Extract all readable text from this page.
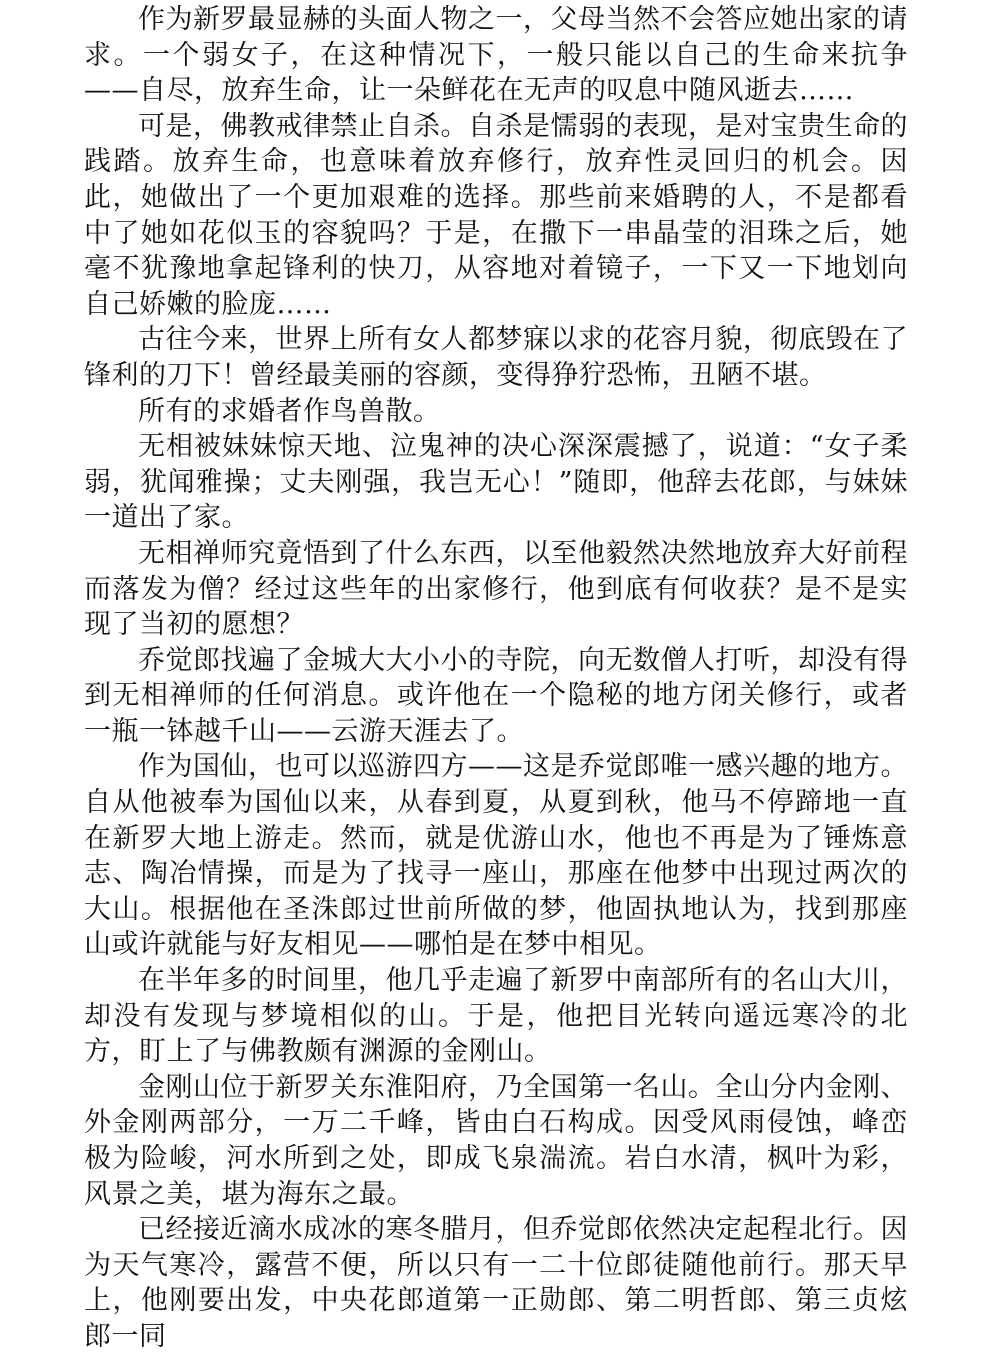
作为新罗最显赫的头面人物之一，父母当然不会答应她出家的请求。一个弱女子，在这种情况下，一般只能以自己的生命来抗争——自尽，放弃生命，让一朵鲜花在无声的叹息中随风逝去……

可是，佛教戒律禁止自杀。自杀是懦弱的表现，是对宝贵生命的践踏。放弃生命，也意味着放弃修行，放弃性灵回归的机会。因此，她做出了一个更加艰难的选择。那些前来婚聘的人，不是都看中了她如花似玉的容貌吗？于是，在撒下一串晶莹的泪珠之后，她毫不犹豫地拿起锋利的快刀，从容地对着镜子，一下又一下地划向自己娇嫩的脸庞……

古往今来，世界上所有女人都梦寐以求的花容月貌，彻底毁在了锋利的刀下！曾经最美丽的容颜，变得狰狞恐怖，丑陋不堪。

所有的求婚者作鸟兽散。

无相被妹妹惊天地、泣鬼神的决心深深震撼了，说道：“女子柔弱，犹闻雅操；丈夫刚强，我岂无心！”随即，他辞去花郎，与妹妹一道出了家。

无相禅师究竟悟到了什么东西，以至他毅然决然地放弃大好前程而落发为僧？经过这些年的出家修行，他到底有何收获？是不是实现了当初的愿想？

乔觉郎找遍了金城大大小小的寺院，向无数僧人打听，却没有得到无相禅师的任何消息。或许他在一个隐秘的地方闭关修行，或者一瓶一钵越千山——云游天涯去了。

作为国仙，也可以巡游四方——这是乔觉郎唯一感兴趣的地方。自从他被奉为国仙以来，从春到夏，从夏到秋，他马不停蹄地一直在新罗大地上游走。然而，就是优游山水，他也不再是为了锤炼意志、陶冶情操，而是为了找寻一座山，那座在他梦中出现过两次的大山。根据他在圣洙郎过世前所做的梦，他固执地认为，找到那座山或许就能与好友相见——哪怕是在梦中相见。

在半年多的时间里，他几乎走遍了新罗中南部所有的名山大川，却没有发现与梦境相似的山。于是，他把目光转向遥远寒冷的北方，盯上了与佛教颇有渊源的金刚山。

金刚山位于新罗关东淮阳府，乃全国第一名山。全山分内金刚、外金刚两部分，一万二千峰，皆由白石构成。因受风雨侵蚀，峰峦极为险峻，河水所到之处，即成飞泉湍流。岩白水清，枫叶为彩，风景之美，堪为海东之最。

已经接近滴水成冰的寒冬腊月，但乔觉郎依然决定起程北行。因为天气寒冷，露营不便，所以只有一二十位郎徒随他前行。那天早上，他刚要出发，中央花郎道第一正勋郎、第二明哲郎、第三贞炫郎一同
